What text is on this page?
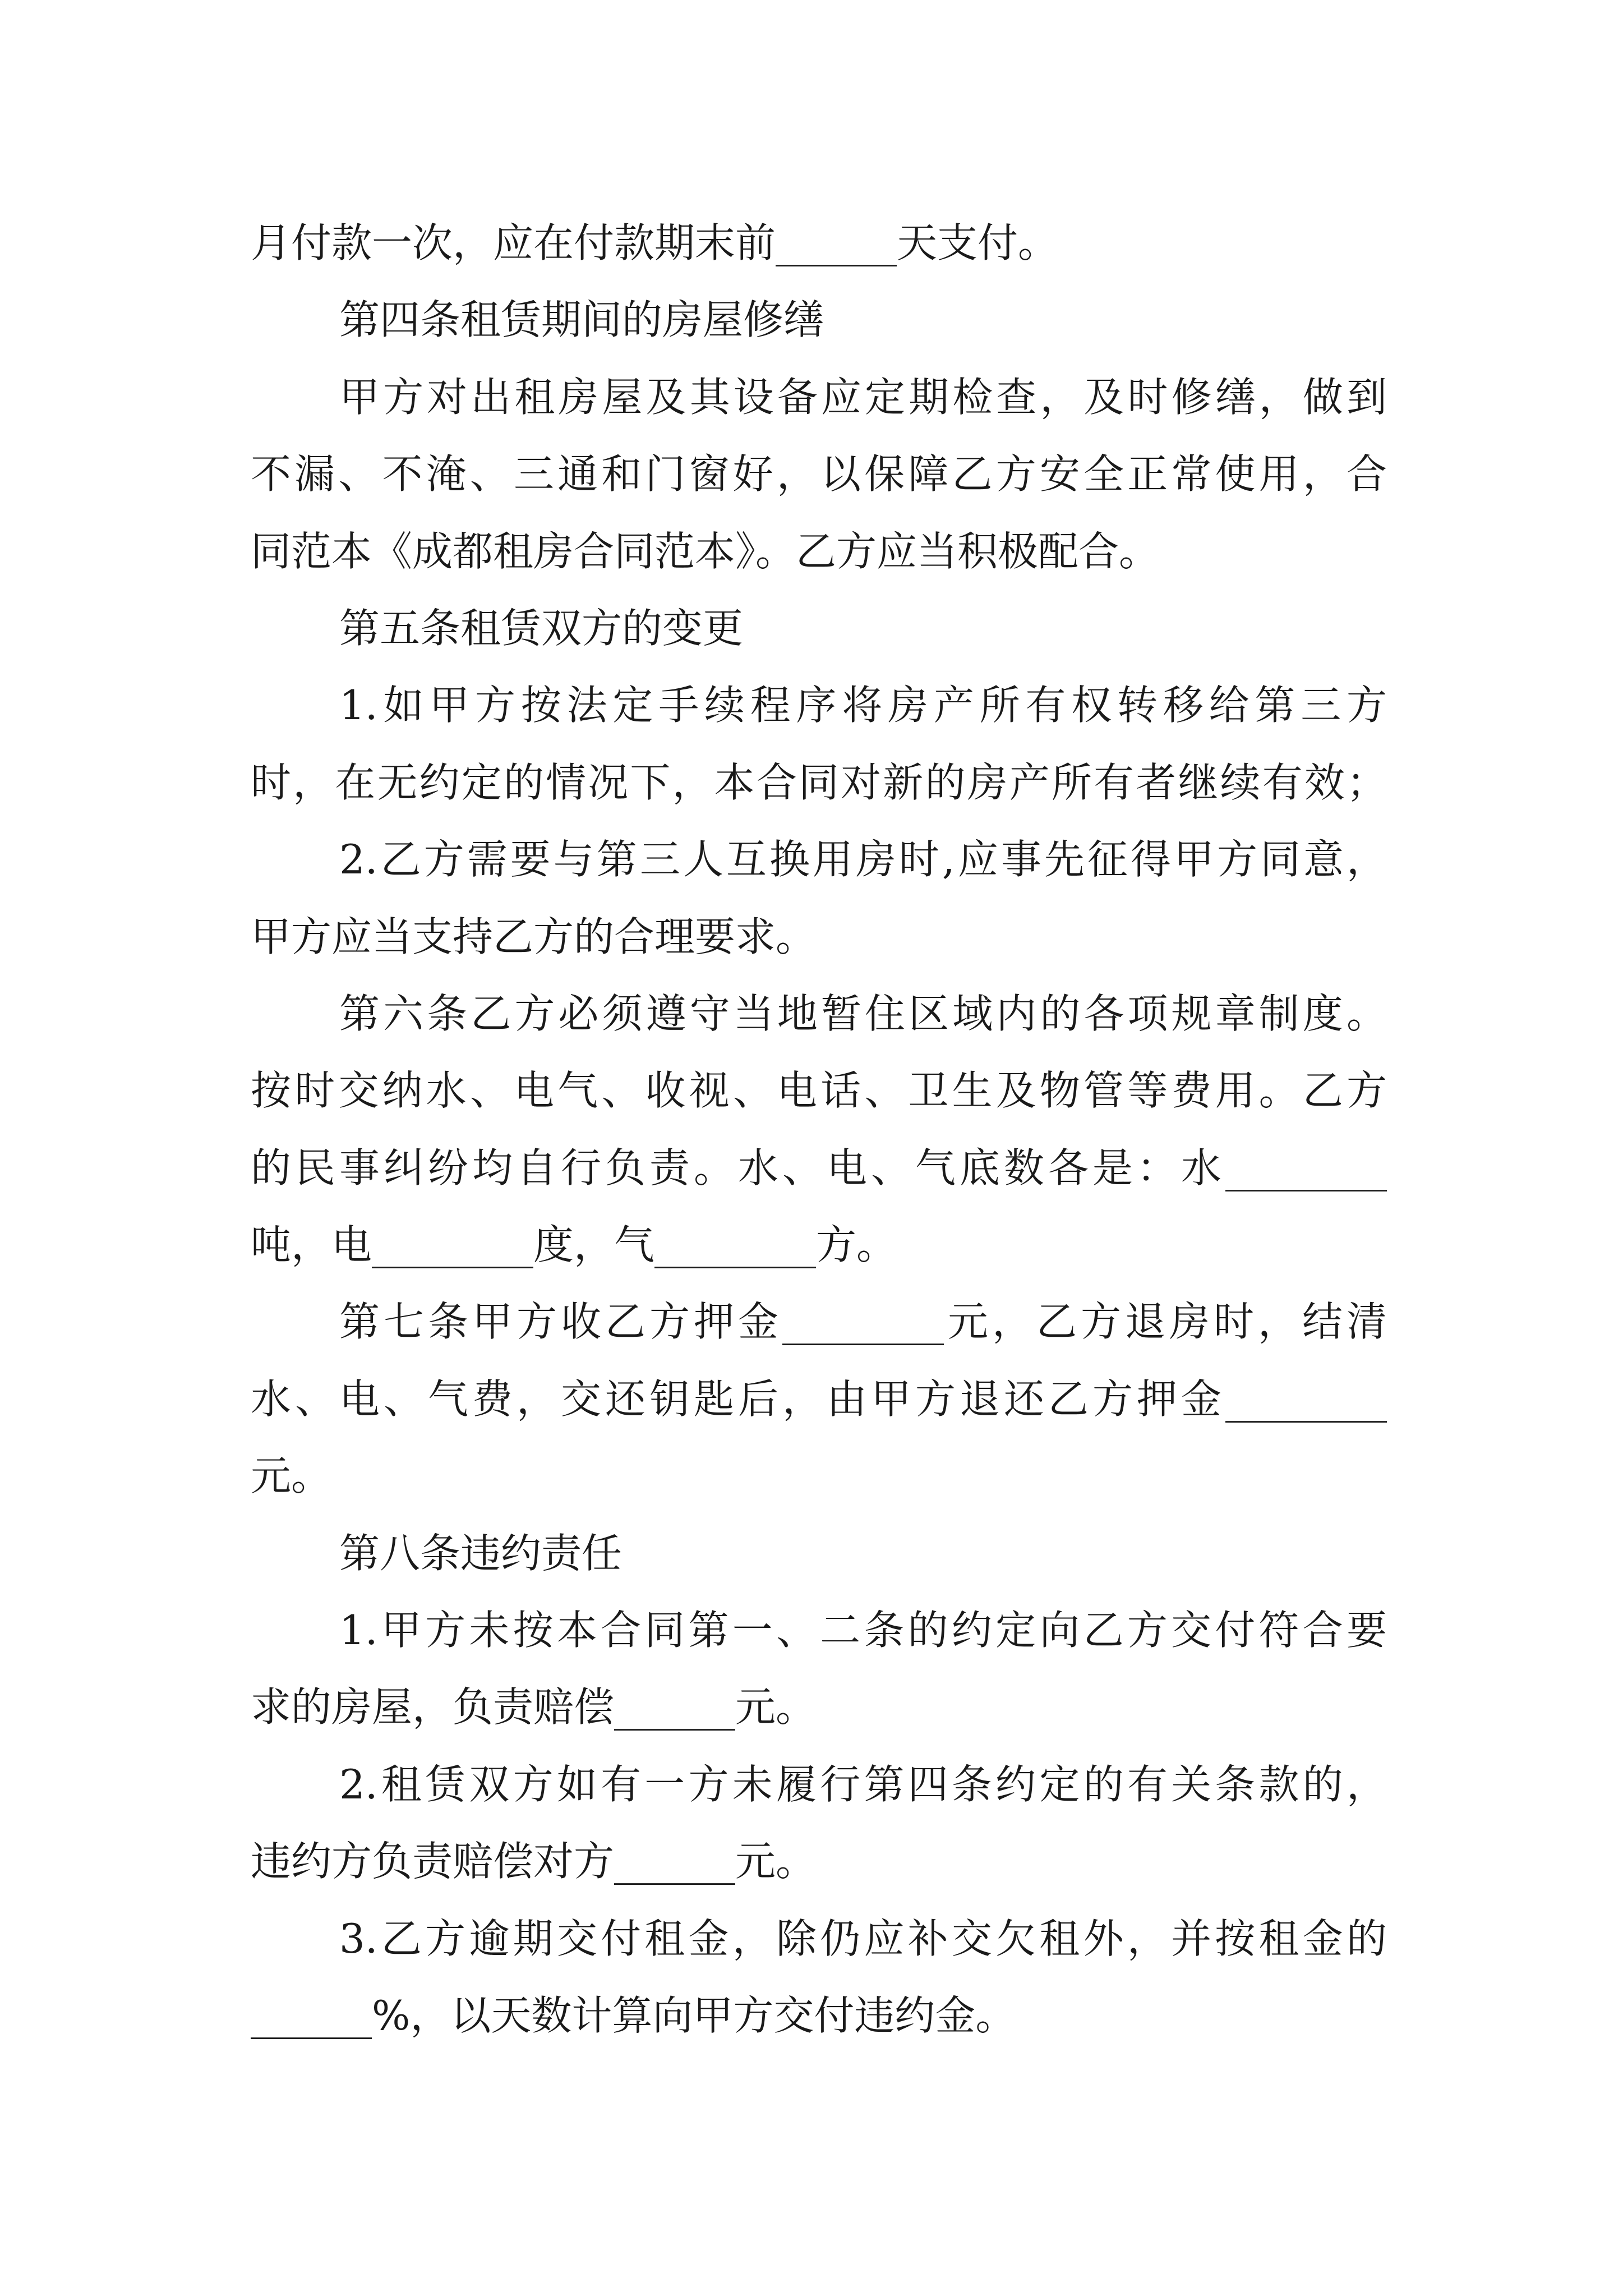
月付款一次，应在付款期末前______天支付。
第四条租赁期间的房屋修缮
甲方对出租房屋及其设备应定期检查，及时修缮，做到
不漏、不淹、三通和门窗好，以保障乙方安全正常使用，合
同范本《成都租房合同范本》。乙方应当积极配合。
第五条租赁双方的变更
1.如甲方按法定手续程序将房产所有权转移给第三方
时，在无约定的情况下，本合同对新的房产所有者继续有效；
2.乙方需要与第三人互换用房时,应事先征得甲方同意，
甲方应当支持乙方的合理要求。
第六条乙方必须遵守当地暂住区域内的各项规章制度。
按时交纳水、电气、收视、电话、卫生及物管等费用。乙方
的民事纠纷均自行负责。水、电、气底数各是：水________
吨，电________度，气________方。
第七条甲方收乙方押金________元，乙方退房时，结清
水、电、气费，交还钥匙后，由甲方退还乙方押金________
元。
第八条违约责任
1.甲方未按本合同第一、二条的约定向乙方交付符合要
求的房屋，负责赔偿______元。
2.租赁双方如有一方未履行第四条约定的有关条款的，
违约方负责赔偿对方______元。
3.乙方逾期交付租金，除仍应补交欠租外，并按租金的
______%，以天数计算向甲方交付违约金。
